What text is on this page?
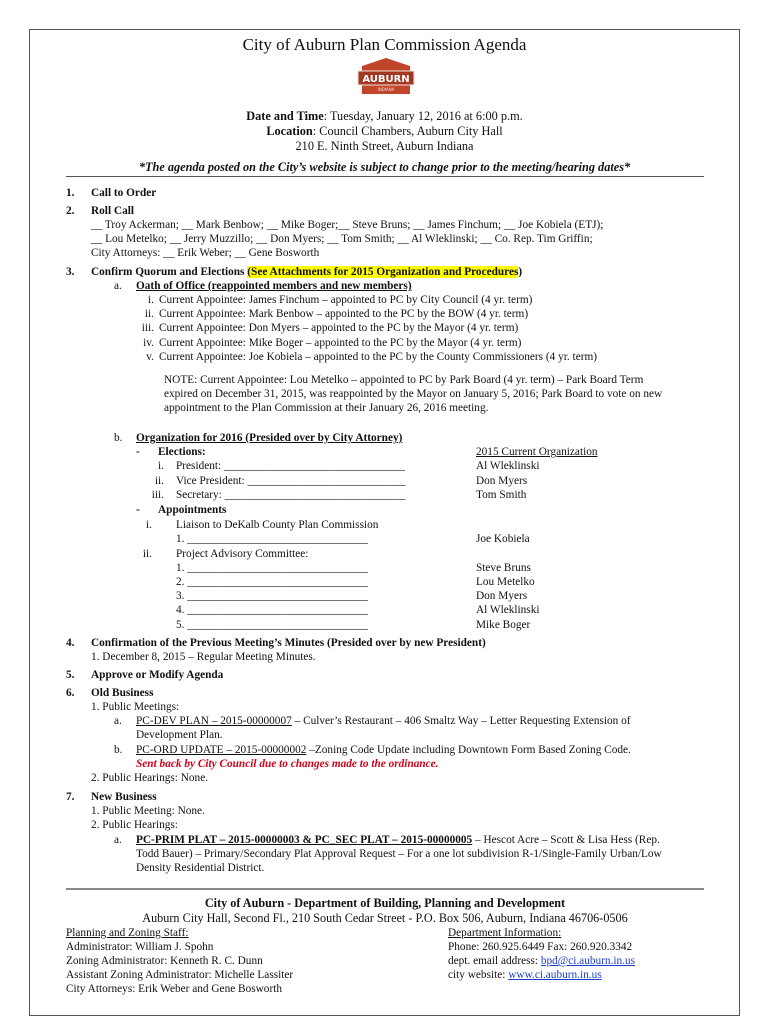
City of Auburn Plan Commission Agenda
AUBURN
INDIANA
Date and Time: Tuesday, January 12, 2016 at 6:00 p.m.
Location: Council Chambers, Auburn City Hall
210 E. Ninth Street, Auburn Indiana
*The agenda posted on the City’s website is subject to change prior to the meeting/hearing dates*
1. Call to Order
2. Roll Call
__ Troy Ackerman; __ Mark Benbow; __ Mike Boger;__ Steve Bruns; __ James Finchum; __ Joe Kobiela (ETJ);
__ Lou Metelko; __ Jerry Muzzillo; __ Don Myers; __ Tom Smith; __ Al Wleklinski; __ Co. Rep. Tim Griffin;
City Attorneys: __ Erik Weber; __ Gene Bosworth
3. Confirm Quorum and Elections (See Attachments for 2015 Organization and Procedures)
a. Oath of Office (reappointed members and new members)
i. Current Appointee: James Finchum – appointed to PC by City Council (4 yr. term)
ii. Current Appointee: Mark Benbow – appointed to the PC by the BOW (4 yr. term)
iii. Current Appointee: Don Myers – appointed to the PC by the Mayor (4 yr. term)
iv. Current Appointee: Mike Boger – appointed to the PC by the Mayor (4 yr. term)
v. Current Appointee: Joe Kobiela – appointed to the PC by the County Commissioners (4 yr. term)
NOTE: Current Appointee: Lou Metelko – appointed to PC by Park Board (4 yr. term) – Park Board Term
expired on December 31, 2015, was reappointed by the Mayor on January 5, 2016; Park Board to vote on new
appointment to the Plan Commission at their January 26, 2016 meeting.
b. Organization for 2016 (Presided over by City Attorney)
- Elections:	2015 Current Organization
i. President: ________________________________	Al Wleklinski
ii. Vice President: ____________________________	Don Myers
iii. Secretary: ________________________________	Tom Smith
- Appointments
i. Liaison to DeKalb County Plan Commission
1. ________________________________	Joe Kobiela
ii. Project Advisory Committee:
1. ________________________________	Steve Bruns
2. ________________________________	Lou Metelko
3. ________________________________	Don Myers
4. ________________________________	Al Wleklinski
5. ________________________________	Mike Boger
4. Confirmation of the Previous Meeting’s Minutes (Presided over by new President)
1. December 8, 2015 – Regular Meeting Minutes.
5. Approve or Modify Agenda
6. Old Business
1. Public Meetings:
a. PC-DEV PLAN – 2015-00000007 – Culver’s Restaurant – 406 Smaltz Way – Letter Requesting Extension of
Development Plan.
b. PC-ORD UPDATE – 2015-00000002 –Zoning Code Update including Downtown Form Based Zoning Code.
Sent back by City Council due to changes made to the ordinance.
2. Public Hearings: None.
7. New Business
1. Public Meeting: None.
2. Public Hearings:
a. PC-PRIM PLAT – 2015-00000003 & PC_SEC PLAT – 2015-00000005 – Hescot Acre – Scott & Lisa Hess (Rep.
Todd Bauer) – Primary/Secondary Plat Approval Request – For a one lot subdivision R-1/Single-Family Urban/Low
Density Residential District.
City of Auburn - Department of Building, Planning and Development
Auburn City Hall, Second Fl., 210 South Cedar Street - P.O. Box 506, Auburn, Indiana 46706-0506
Planning and Zoning Staff:
Administrator: William J. Spohn
Zoning Administrator: Kenneth R. C. Dunn
Assistant Zoning Administrator: Michelle Lassiter
City Attorneys: Erik Weber and Gene Bosworth
Department Information:
Phone: 260.925.6449 Fax: 260.920.3342
dept. email address: bpd@ci.auburn.in.us
city website: www.ci.auburn.in.us
